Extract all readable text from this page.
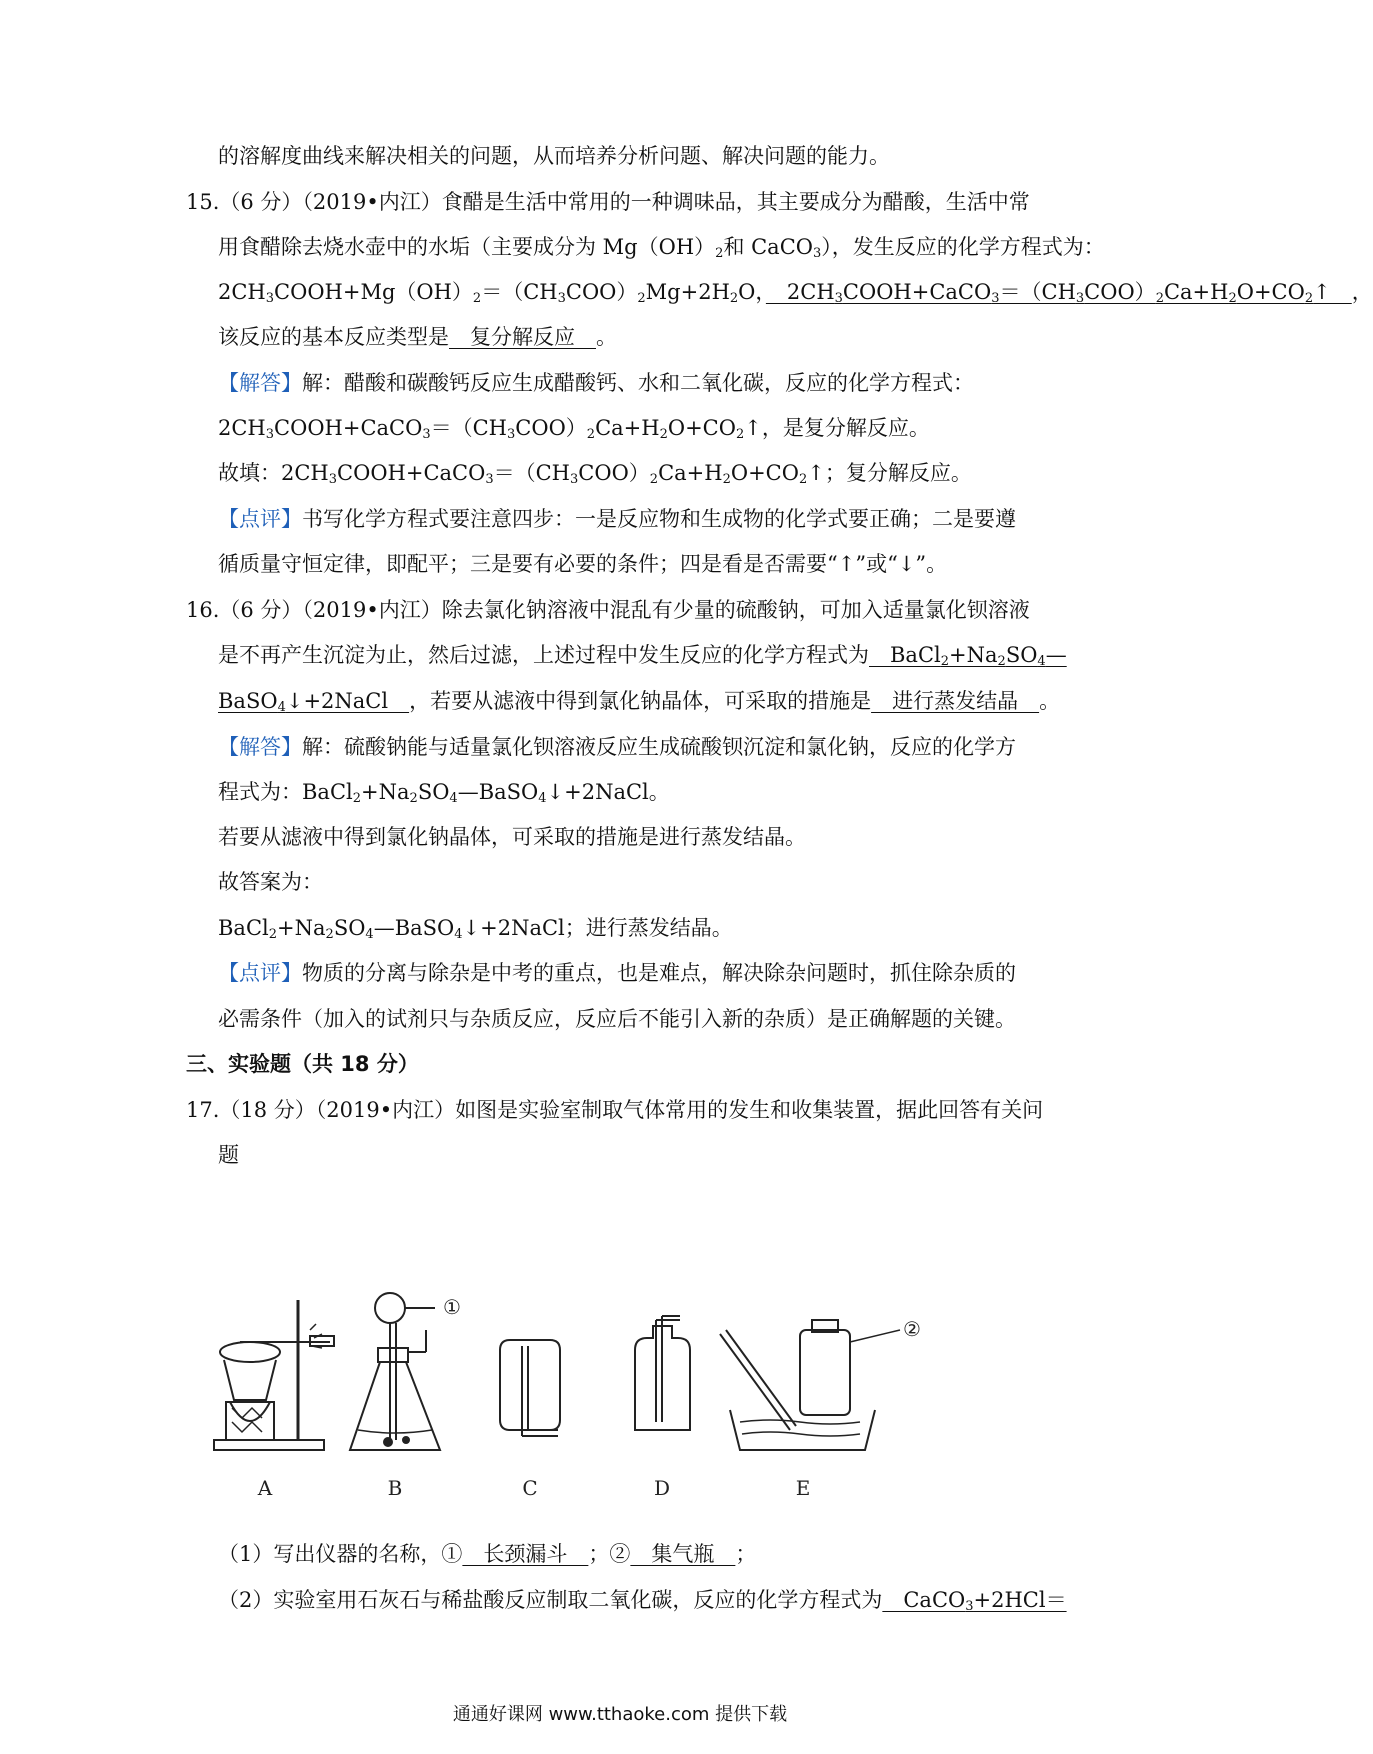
的溶解度曲线来解决相关的问题，从而培养分析问题、解决问题的能力。
15.（6 分）（2019•内江）食醋是生活中常用的一种调味品，其主要成分为醋酸，生活中常
用食醋除去烧水壶中的水垢（主要成分为 $Mg(OH)_2$和 CaCO$_3$），发生反应的化学方程式为：
$2CH_3COOH+Mg(OH)_2=(CH_3COO)_2Mg+2H_2O$，　$2CH_3COOH+CaCO_3=(CH_3COO)_2Ca+H_2O+CO_2↑$　，
该反应的基本反应类型是　复分解反应　。
【解答】解：醋酸和碳酸钙反应生成醋酸钙、水和二氧化碳，反应的化学方程式：
$2CH_3COOH+CaCO_3=(CH_3COO)_2Ca+H_2O+CO_2↑$，是复分解反应。
故填：$2CH_3COOH+CaCO_3=(CH_3COO)_2Ca+H_2O+CO_2↑$；复分解反应。
【点评】书写化学方程式要注意四步：一是反应物和生成物的化学式要正确；二是要遵
循质量守恒定律，即配平；三是要有必要的条件；四是看是否需要“↑”或“↓”。
16.（6 分）（2019•内江）除去氯化钠溶液中混乱有少量的硫酸钠，可加入适量氯化钡溶液
是不再产生沉淀为止，然后过滤，上述过程中发生反应的化学方程式为　$BaCl_2+Na_2SO_4—$
BaSO$_4$↓+2NaCl　，若要从滤液中得到氯化钠晶体，可采取的措施是　进行蒸发结晶　。
【解答】解：硫酸钠能与适量氯化钡溶液反应生成硫酸钡沉淀和氯化钠，反应的化学方
程式为：$BaCl_2+Na_2SO_4—BaSO_4↓+2NaCl$。
若要从滤液中得到氯化钠晶体，可采取的措施是进行蒸发结晶。
故答案为：
$BaCl_2+Na_2SO_4—BaSO_4↓+2NaCl$；进行蒸发结晶。
【点评】物质的分离与除杂是中考的重点，也是难点，解决除杂问题时，抓住除杂质的
必需条件（加入的试剂只与杂质反应，反应后不能引入新的杂质）是正确解题的关键。
三、实验题（共 18 分）
17.（18 分）（2019•内江）如图是实验室制取气体常用的发生和收集装置，据此回答有关问
题
A
①
B	C	D
②
E
（1）写出仪器的名称，①　长颈漏斗　；②　集气瓶　；
（2）实验室用石灰石与稀盐酸反应制取二氧化碳，反应的化学方程式为　CaCO$_3$+2HCl＝
通通好课网 www.tthaoke.com 提供下载
